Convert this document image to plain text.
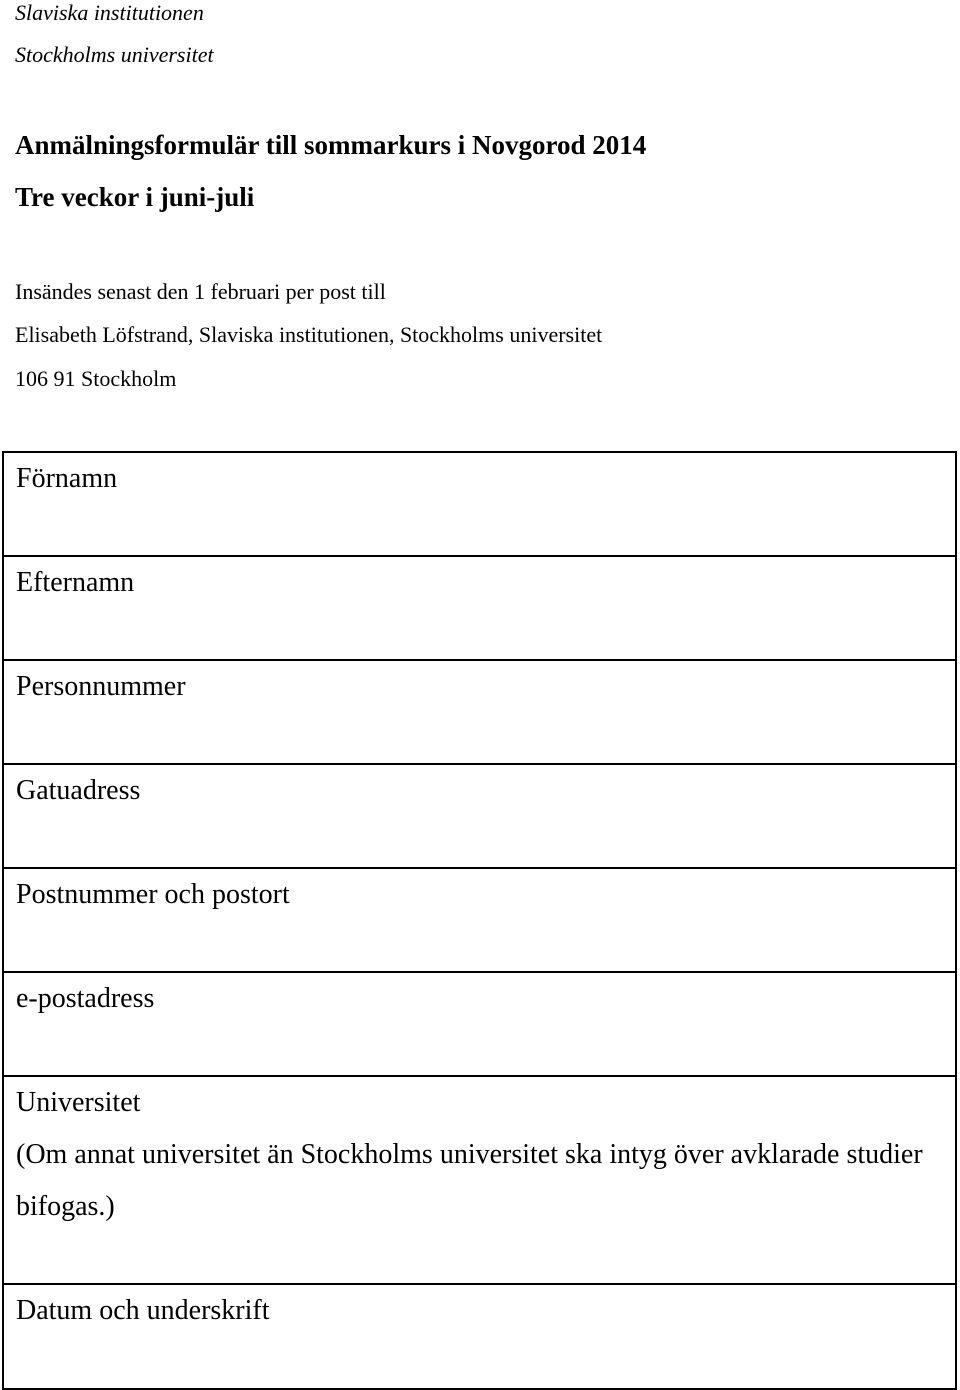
Slaviska institutionen
Stockholms universitet
Anmälningsformulär till sommarkurs i Novgorod 2014
Tre veckor i juni-juli
Insändes senast den 1 februari per post till
Elisabeth Löfstrand, Slaviska institutionen, Stockholms universitet
106 91 Stockholm
Förnamn

Efternamn

Personnummer

Gatuadress

Postnummer och postort

e-postadress

Universitet
(Om annat universitet än Stockholms universitet ska intyg över avklarade studier bifogas.)

Datum och underskrift
